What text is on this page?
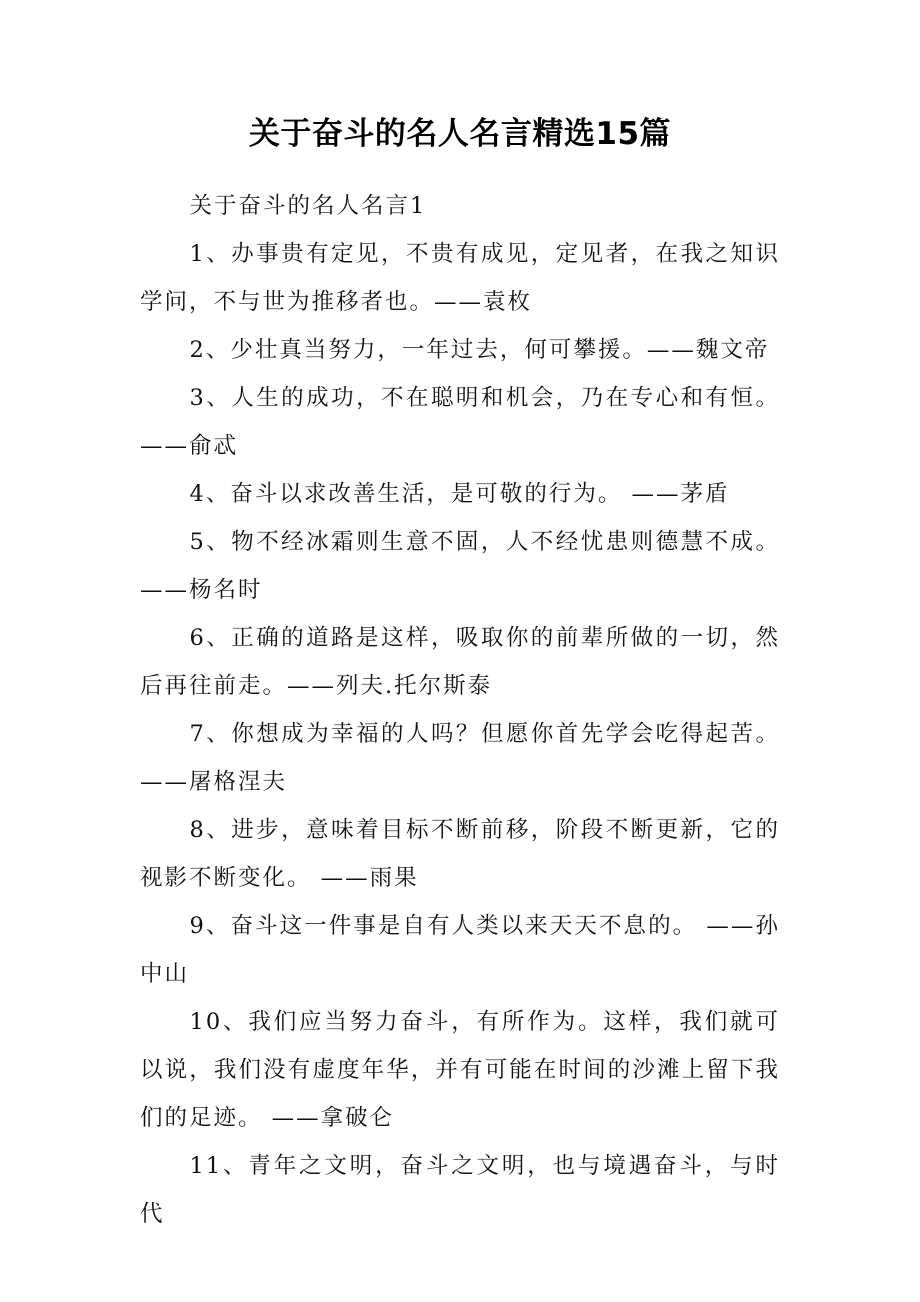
关于奋斗的名人名言精选15篇

关于奋斗的名人名言1

1、办事贵有定见，不贵有成见，定见者，在我之知识学问，不与世为推移者也。——袁枚

2、少壮真当努力，一年过去，何可攀援。——魏文帝

3、人生的成功，不在聪明和机会，乃在专心和有恒。——俞忒

4、奋斗以求改善生活，是可敬的行为。 ——茅盾

5、物不经冰霜则生意不固，人不经忧患则德慧不成。——杨名时

6、正确的道路是这样，吸取你的前辈所做的一切，然后再往前走。——列夫.托尔斯泰

7、你想成为幸福的人吗？但愿你首先学会吃得起苦。——屠格涅夫

8、进步，意味着目标不断前移，阶段不断更新，它的视影不断变化。 ——雨果

9、奋斗这一件事是自有人类以来天天不息的。 ——孙中山

10、我们应当努力奋斗，有所作为。这样，我们就可以说，我们没有虚度年华，并有可能在时间的沙滩上留下我们的足迹。 ——拿破仑

11、青年之文明，奋斗之文明，也与境遇奋斗，与时代
